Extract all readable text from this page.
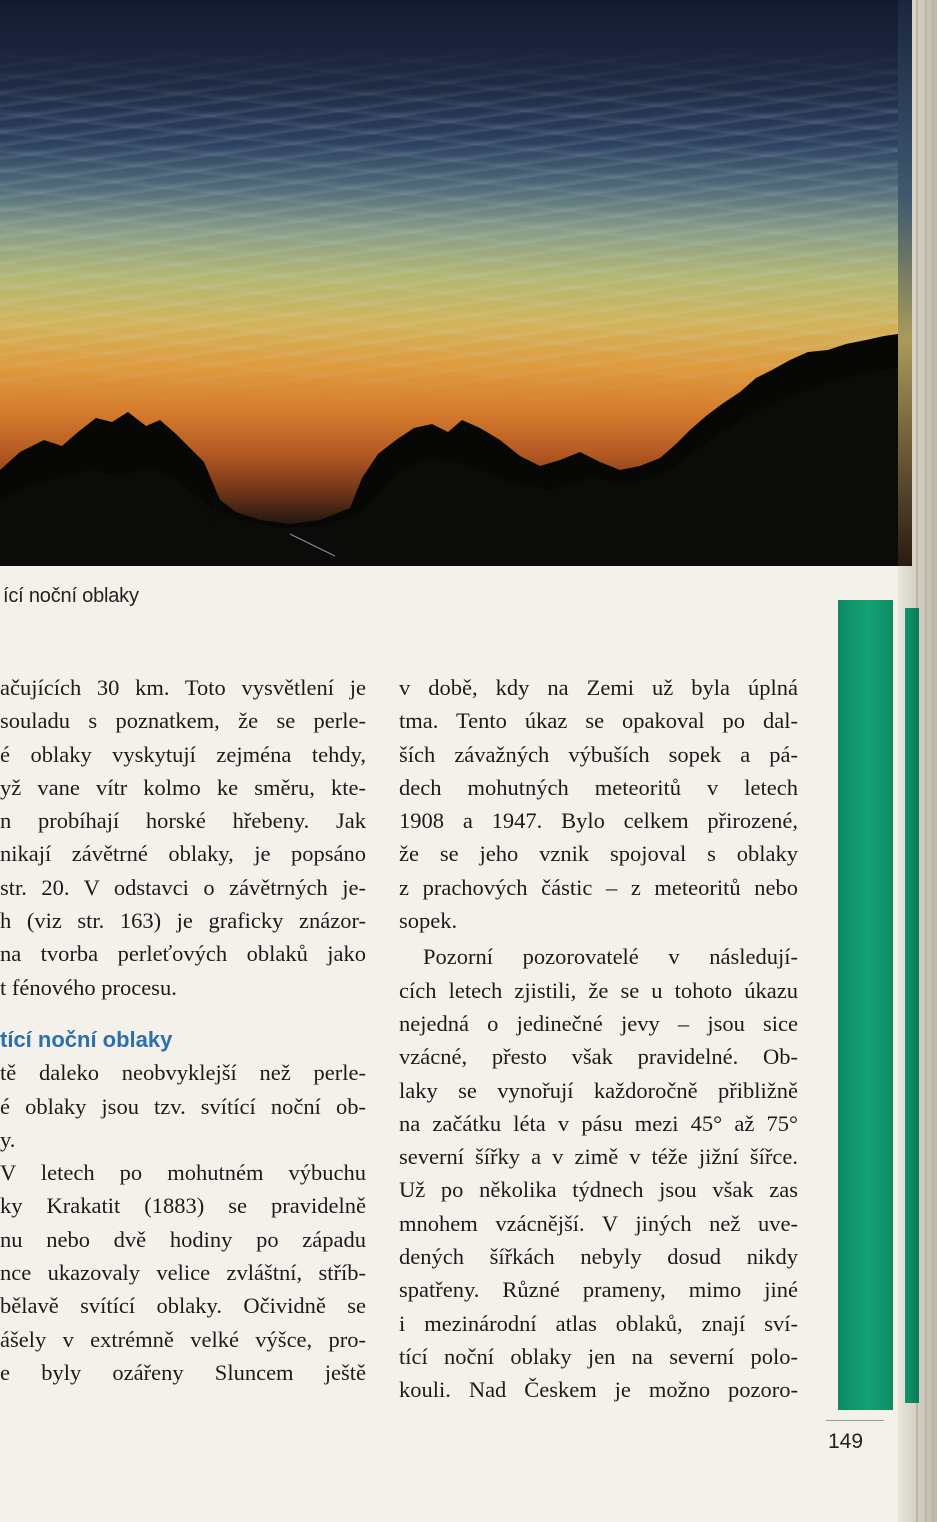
ící noční oblaky
ačujících 30 km. Toto vysvětlení je
souladu s poznatkem, že se perle-
é oblaky vyskytují zejména tehdy,
yž vane vítr kolmo ke směru, kte-
n probíhají horské hřebeny. Jak
nikají závětrné oblaky, je popsáno
str. 20. V odstavci o závětrných je-
h (viz str. 163) je graficky znázor-
na tvorba perleťových oblaků jako
t fénového procesu.
tící noční oblaky
tě daleko neobvyklejší než perle-
é oblaky jsou tzv. svítící noční ob-
y.
V letech po mohutném výbuchu
ky Krakatit (1883) se pravidelně
nu nebo dvě hodiny po západu
nce ukazovaly velice zvláštní, stříb-
bělavě svítící oblaky. Očividně se
ášely v extrémně velké výšce, pro-
e byly ozářeny Sluncem ještě
v době, kdy na Zemi už byla úplná
tma. Tento úkaz se opakoval po dal-
ších závažných výbuších sopek a pá-
dech mohutných meteoritů v letech
1908 a 1947. Bylo celkem přirozené,
že se jeho vznik spojoval s oblaky
z prachových částic – z meteoritů nebo
sopek.
Pozorní pozorovatelé v následují-
cích letech zjistili, že se u tohoto úkazu
nejedná o jedinečné jevy – jsou sice
vzácné, přesto však pravidelné. Ob-
laky se vynořují každoročně přibližně
na začátku léta v pásu mezi 45° až 75°
severní šířky a v zimě v téže jižní šířce.
Už po několika týdnech jsou však zas
mnohem vzácnější. V jiných než uve-
dených šířkách nebyly dosud nikdy
spatřeny. Různé prameny, mimo jiné
i mezinárodní atlas oblaků, znají sví-
tící noční oblaky jen na severní polo-
kouli. Nad Českem je možno pozoro-
149
